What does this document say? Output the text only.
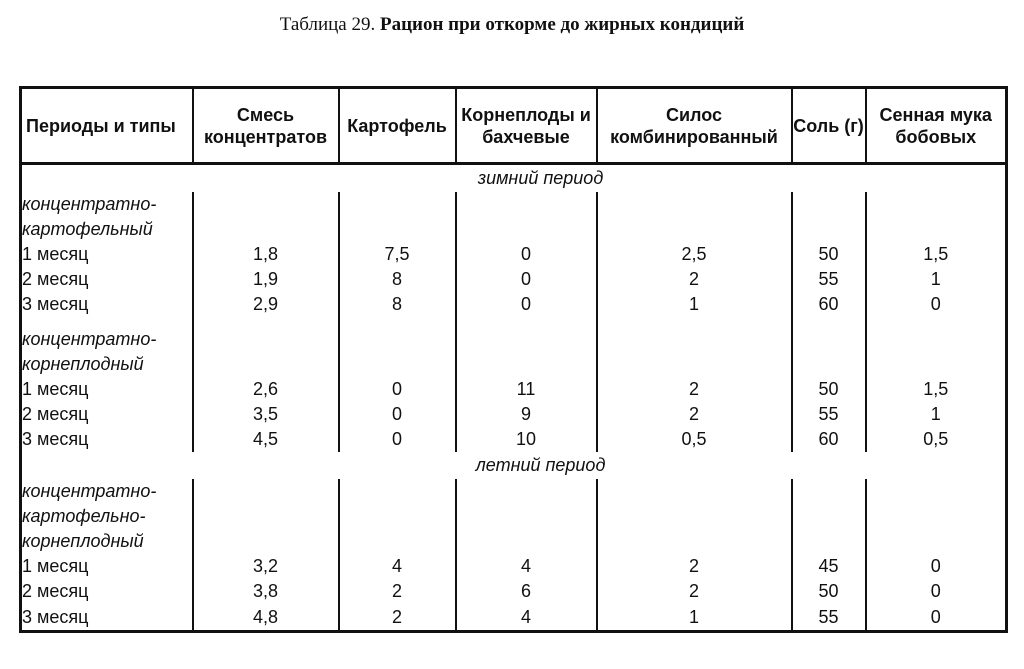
Таблица 29. Рацион при откорме до жирных кондиций
Периоды и типы	Смесь концентратов	Картофель	Корнеплоды и бахчевые	Силос комбинированный	Соль (г)	Сенная мука бобовых
зимний период						
концентратно-						
картофельный						
1 месяц	1,8	7,5	0	2,5	50	1,5
2 месяц	1,9	8	0	2	55	1
3 месяц	2,9	8	0	1	60	0

концентратно-						
корнеплодный						
1 месяц	2,6	0	11	2	50	1,5
2 месяц	3,5	0	9	2	55	1
3 месяц	4,5	0	10	0,5	60	0,5
летний период						
концентратно-						
картофельно-						
корнеплодный						
1 месяц	3,2	4	4	2	45	0
2 месяц	3,8	2	6	2	50	0
3 месяц	4,8	2	4	1	55	0
